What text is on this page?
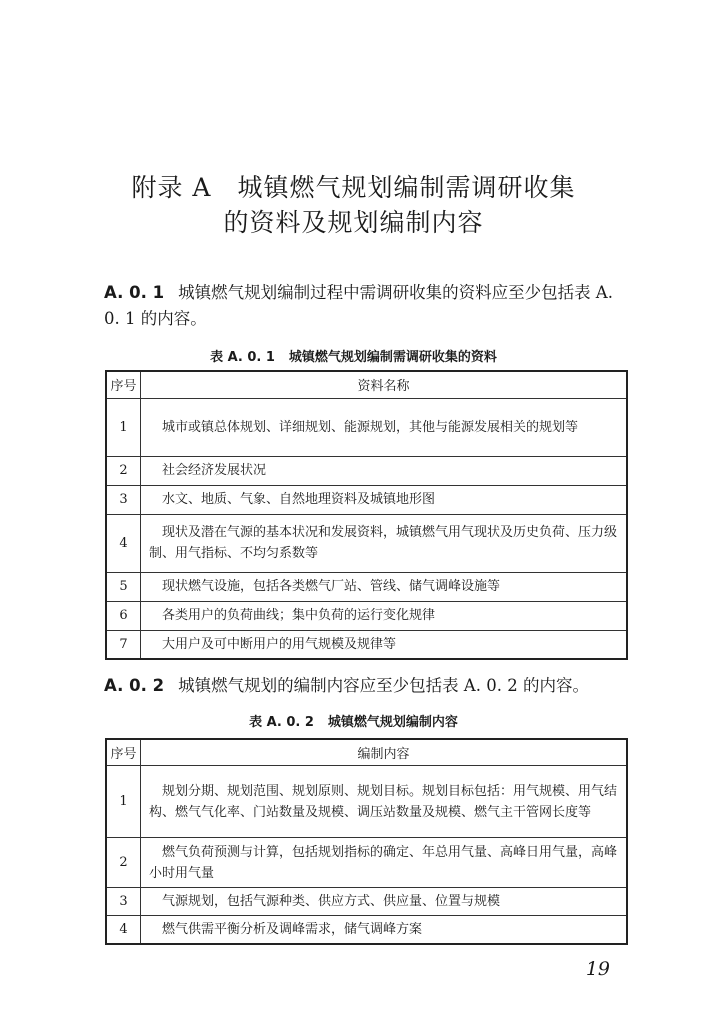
附录 A　城镇燃气规划编制需调研收集
的资料及规划编制内容
A. 0. 1 城镇燃气规划编制过程中需调研收集的资料应至少包括表 A. 0. 1 的内容。
表 A. 0. 1 城镇燃气规划编制需调研收集的资料
序号	资料名称
1	城市或镇总体规划、详细规划、能源规划，其他与能源发展相关的规划等
2	社会经济发展状况
3	水文、地质、气象、自然地理资料及城镇地形图
4	现状及潜在气源的基本状况和发展资料，城镇燃气用气现状及历史负荷、压力级制、用气指标、不均匀系数等
5	现状燃气设施，包括各类燃气厂站、管线、储气调峰设施等
6	各类用户的负荷曲线；集中负荷的运行变化规律
7	大用户及可中断用户的用气规模及规律等
A. 0. 2 城镇燃气规划的编制内容应至少包括表 A. 0. 2 的内容。
表 A. 0. 2 城镇燃气规划编制内容
序号	编制内容
1	规划分期、规划范围、规划原则、规划目标。规划目标包括：用气规模、用气结构、燃气气化率、门站数量及规模、调压站数量及规模、燃气主干管网长度等
2	燃气负荷预测与计算，包括规划指标的确定、年总用气量、高峰日用气量，高峰小时用气量
3	气源规划，包括气源种类、供应方式、供应量、位置与规模
4	燃气供需平衡分析及调峰需求，储气调峰方案
19
